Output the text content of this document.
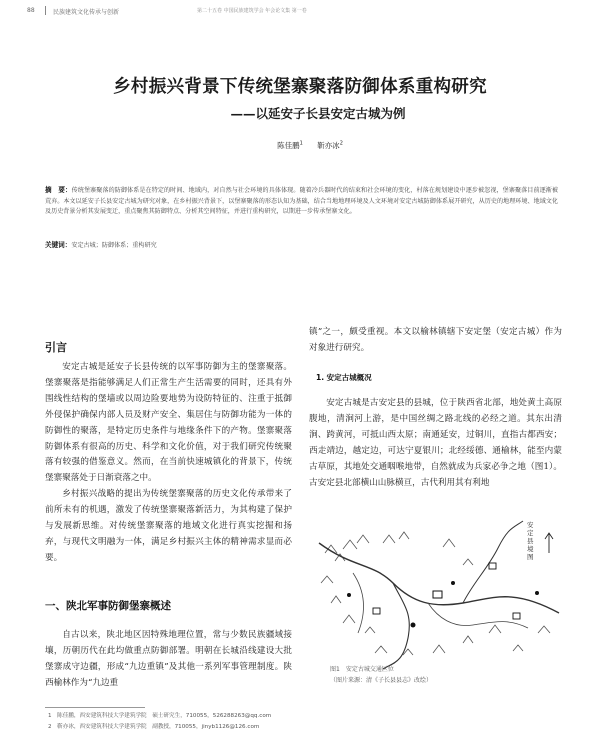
88	民族建筑文化传承与创新	第二十五卷 中国民族建筑学会 年会论文集 第一卷
乡村振兴背景下传统堡寨聚落防御体系重构研究
——以延安子长县安定古城为例
陈佳鹏$^1$ 靳亦冰$^2$
摘　要：传统堡寨聚落的防御体系是在特定的时间、地域内，对自然与社会环境的具体体现。随着冷兵器时代的结束和社会环境的变化，村落在规划建设中逐步被忽视，堡寨聚落目前逐渐被荒弃。本文以延安子长县安定古城为研究对象，在乡村振兴背景下，以堡寨聚落的形态认知为基础，结合当地地理环境及人文环境对安定古城防御体系展开研究，从历史的地理环境、地域文化及历史背景分析其发展变迁，重点聚焦其防御特点、分析其空间特征，并进行重构研究，以期进一步传承堡寨文化。
关键词：安定古城；防御体系；重构研究
引言

安定古城是延安子长县传统的以军事防御为主的堡寨聚落。堡寨聚落是指能够满足人们正常生产生活需要的同时，还具有外围线性结构的堡墙或以周边险要地势为设防特征的、注重于抵御外侵保护确保内部人员及财产安全、集居住与防御功能为一体的防御性的聚落，是特定历史条件与地缘条件下的产物。堡寨聚落防御体系有很高的历史、科学和文化价值，对于我们研究传统聚落有较强的借鉴意义。然而，在当前快速城镇化的背景下，传统堡寨聚落处于日渐衰落之中。

乡村振兴战略的提出为传统堡寨聚落的历史文化传承带来了前所未有的机遇，激发了传统堡寨聚落新活力，为其构建了保护与发展新思维。对传统堡寨聚落的地域文化进行真实挖掘和扬弃，与现代文明融为一体，满足乡村振兴主体的精神需求显而必要。

一、陕北军事防御堡寨概述

自古以来，陕北地区因特殊地理位置，常与少数民族疆域接壤，历朝历代在此均做重点防御部署。明朝在长城沿线建设大批堡寨成守边疆，形成“九边重镇”及其他一系列军事管理制度。陕西榆林作为“九边重

镇”之一，颇受重视。本文以榆林镇辖下安定堡（安定古城）作为对象进行研究。

1. 安定古城概况

安定古城是古安定县的县城，位于陕西省北部，地处黄土高原腹地，清涧河上游，是中国丝绸之路北线的必经之道。其东出清涧、跨黄河，可抵山西太原；南通延安，过铜川，直指古都西安；西走靖边，越定边，可达宁夏银川；北经绥德、通榆林，能至内蒙古草原，其地处交通咽喉地带，自然就成为兵家必争之地（图1）。古安定县北部横山山脉横亘，古代利用其有利地

安定县境图
图1　安定古城交通区位
（图片来源：清《子长县县志》改绘）
1　陈佳鹏，西安建筑科技大学建筑学院　硕士研究生，710055，526288263@qq.com
2　靳亦冰，西安建筑科技大学建筑学院　副教授，710055，jinyb1126@126.com
